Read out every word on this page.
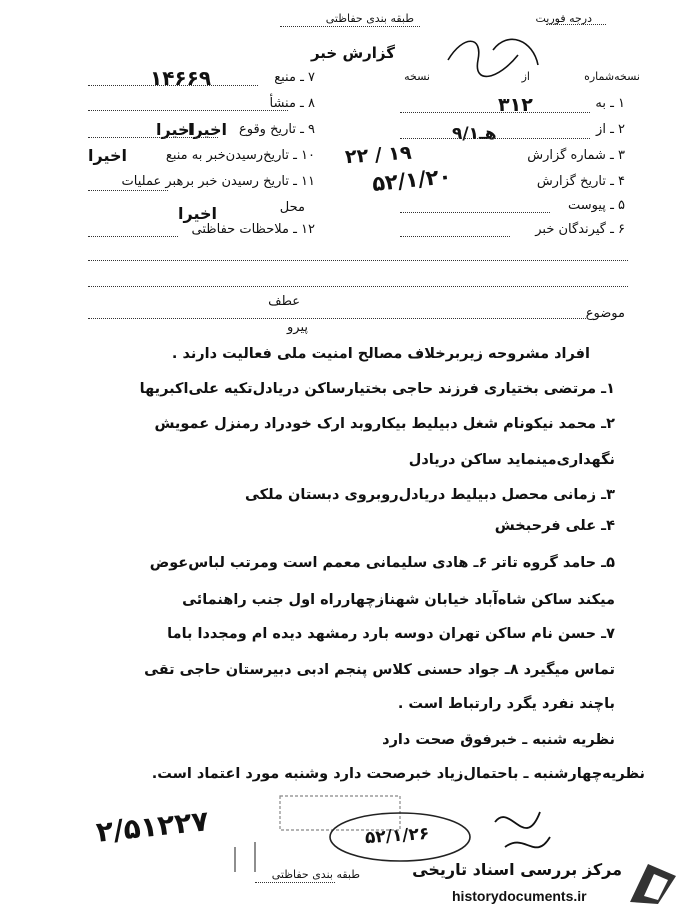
درجه فوریت
طبقه بندی حفاظتی
گزارش خبر
نسخه‌شماره
از
نسخه
۷ ـ منبع
۱۴۶۶۹
۸ ـ منشأ
۹ ـ تاریخ وقوع
اخیرا
اخیرا
۱۰ ـ تاریخ‌رسیدن‌خبر به منبع
اخیرا
۱۱ ـ تاریخ رسیدن خبر برهبر عملیات
محل
اخیرا
۱۲ ـ ملاحظات حفاظتی
۱ ـ به
۳۱۲
۲ ـ از
۹/هـ۱
۳ ـ شماره گزارش
۲۲ / ۱۹
۴ ـ تاریخ گزارش
۵۲/۱/۲۰
۵ ـ پیوست
۶ ـ گیرندگان خبر
عطف
موضوع
پیرو
افراد مشروحه زیربرخلاف مصالح امنیت ملی فعالیت دارند .
۱ـ مرتضی بختیاری فرزند حاجی بختیارساکن دریادل‌تکیه علی‌اکبریها
۲ـ محمد نیکونام شغل دبیلیط بیکاروبد ارک خودراد رمنزل عمویش
نگهداری‌مینماید ساکن دریادل
۳ـ زمانی محصل دبیلیط دریادل‌روبروی دبستان ملکی
۴ـ علی فرحبخش
۵ـ حامد گروه تاتر ۶ـ هادی سلیمانی معمم است ومرتب لباس‌عوض
میکند ساکن شاه‌آباد خیابان شهنازچهارراه اول جنب راهنمائی
۷ـ حسن نام ساکن تهران دوسه بارد رمشهد دیده ام ومجددا باما
تماس میگیرد ۸ـ جواد حسنی کلاس پنجم ادبی دبیرستان حاجی تقی
باچند نفرد یگرد رارتباط است .
نظریه شنبه ـ خبرفوق صحت دارد
نظریه‌چهارشنبه ـ باحتمال‌زیاد خبرصحت دارد وشنبه مورد اعتماد است.
۲/۵۱۲۲۷	۵۲/۱/۲۶
طبقه بندی حفاظتی	مرکز بررسی اسناد تاریخی
historydocuments.ir
